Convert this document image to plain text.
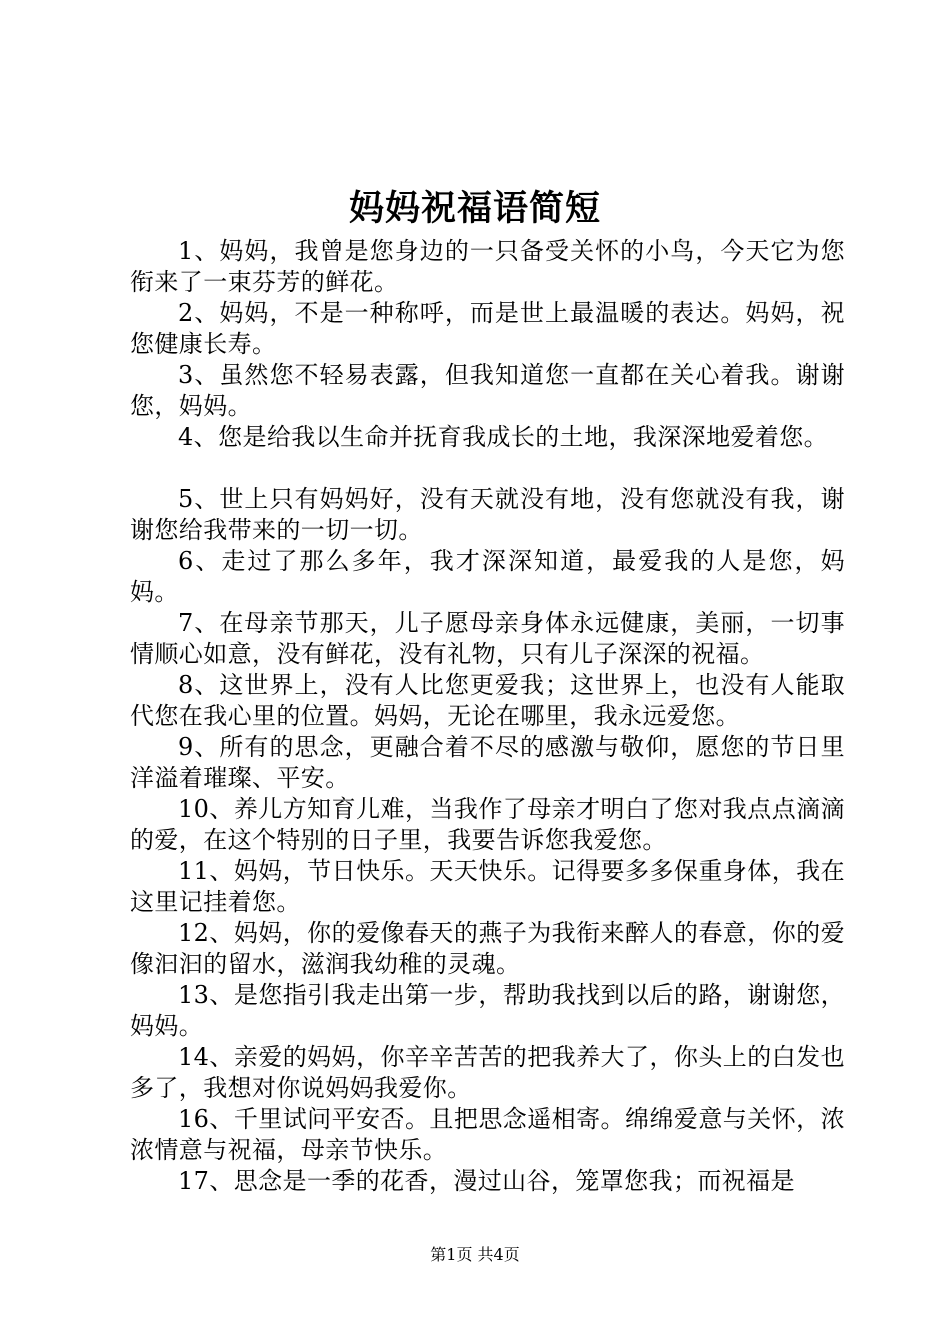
妈妈祝福语简短

1、妈妈，我曾是您身边的一只备受关怀的小鸟，今天它为您衔来了一束芬芳的鲜花。

2、妈妈，不是一种称呼，而是世上最温暖的表达。妈妈，祝您健康长寿。

3、虽然您不轻易表露，但我知道您一直都在关心着我。谢谢您，妈妈。

4、您是给我以生命并抚育我成长的土地，我深深地爱着您。

5、世上只有妈妈好，没有天就没有地，没有您就没有我，谢谢您给我带来的一切一切。

6、走过了那么多年，我才深深知道，最爱我的人是您，妈妈。

7、在母亲节那天，儿子愿母亲身体永远健康，美丽，一切事情顺心如意，没有鲜花，没有礼物，只有儿子深深的祝福。

8、这世界上，没有人比您更爱我；这世界上，也没有人能取代您在我心里的位置。妈妈，无论在哪里，我永远爱您。

9、所有的思念，更融合着不尽的感激与敬仰，愿您的节日里洋溢着璀璨、平安。

10、养儿方知育儿难，当我作了母亲才明白了您对我点点滴滴的爱，在这个特别的日子里，我要告诉您我爱您。

11、妈妈，节日快乐。天天快乐。记得要多多保重身体，我在这里记挂着您。

12、妈妈，你的爱像春天的燕子为我衔来醉人的春意，你的爱像汩汩的留水，滋润我幼稚的灵魂。

13、是您指引我走出第一步，帮助我找到以后的路，谢谢您，妈妈。

14、亲爱的妈妈，你辛辛苦苦的把我养大了，你头上的白发也多了，我想对你说妈妈我爱你。

16、千里试问平安否。且把思念遥相寄。绵绵爱意与关怀，浓浓情意与祝福，母亲节快乐。

17、思念是一季的花香，漫过山谷，笼罩您我；而祝福是

第1页 共4页
